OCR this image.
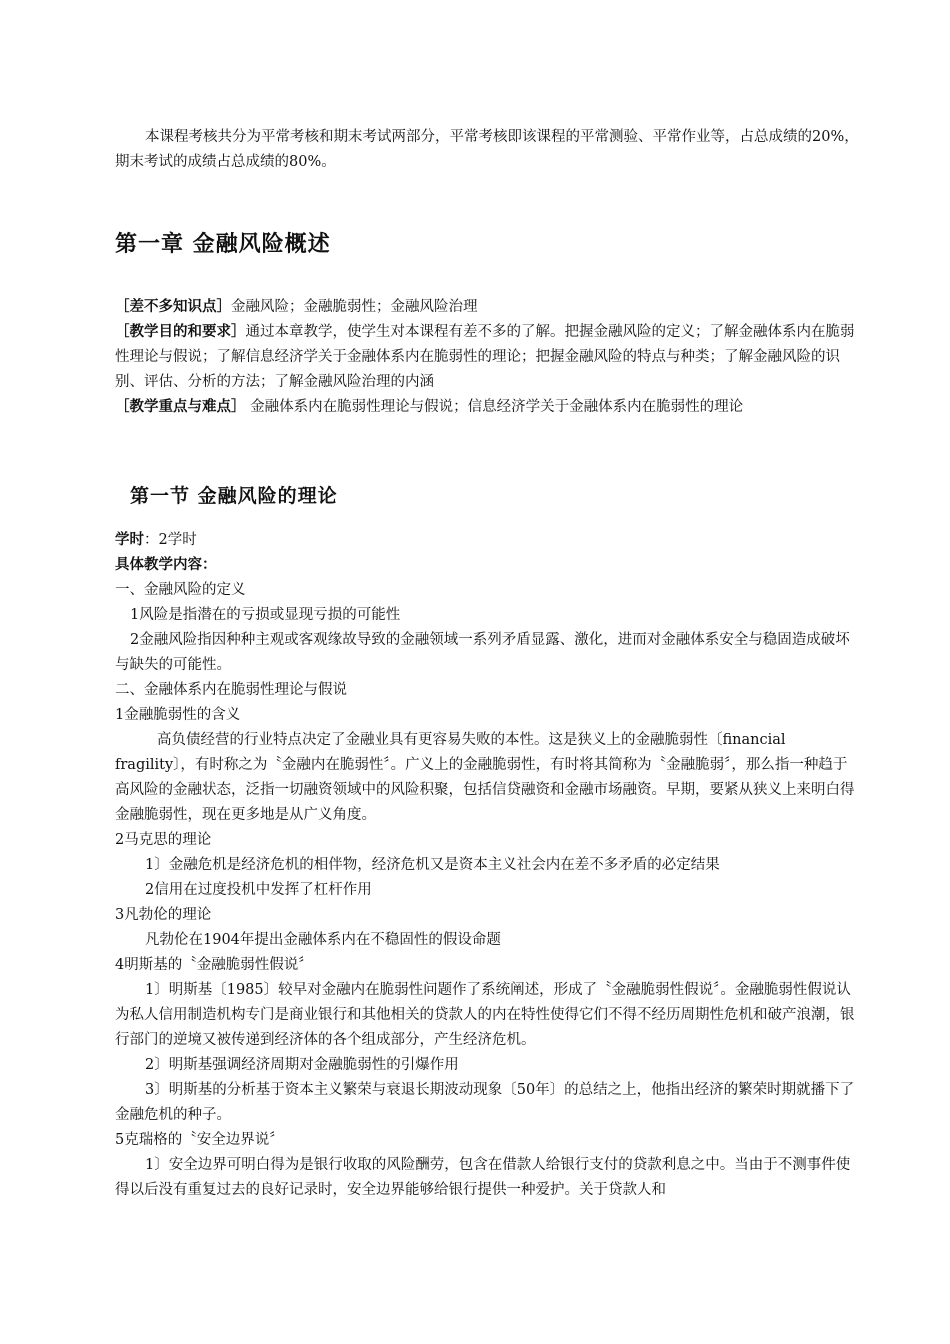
本课程考核共分为平常考核和期末考试两部分，平常考核即该课程的平常测验、平常作业等，占总成绩的20%，期末考试的成绩占总成绩的80%。

第一章 金融风险概述

［差不多知识点］金融风险；金融脆弱性；金融风险治理

［教学目的和要求］通过本章教学，使学生对本课程有差不多的了解。把握金融风险的定义；了解金融体系内在脆弱性理论与假说；了解信息经济学关于金融体系内在脆弱性的理论；把握金融风险的特点与种类；了解金融风险的识别、评估、分析的方法；了解金融风险治理的内涵

［教学重点与难点］ 金融体系内在脆弱性理论与假说；信息经济学关于金融体系内在脆弱性的理论

第一节 金融风险的理论

学时：2学时

具体教学内容：

一、金融风险的定义

1风险是指潜在的亏损或显现亏损的可能性

2金融风险指因种种主观或客观缘故导致的金融领域一系列矛盾显露、激化，进而对金融体系安全与稳固造成破坏与缺失的可能性。

二、金融体系内在脆弱性理论与假说

1金融脆弱性的含义

高负债经营的行业特点决定了金融业具有更容易失败的本性。这是狭义上的金融脆弱性〔financial fragility〕，有时称之为〝金融内在脆弱性〞。广义上的金融脆弱性，有时将其简称为〝金融脆弱〞，那么指一种趋于高风险的金融状态，泛指一切融资领域中的风险积聚，包括信贷融资和金融市场融资。早期，要紧从狭义上来明白得金融脆弱性，现在更多地是从广义角度。

2马克思的理论

1〕金融危机是经济危机的相伴物，经济危机又是资本主义社会内在差不多矛盾的必定结果

2信用在过度投机中发挥了杠杆作用

3凡勃伦的理论

凡勃伦在1904年提出金融体系内在不稳固性的假设命题

4明斯基的〝金融脆弱性假说〞

1〕明斯基〔1985〕较早对金融内在脆弱性问题作了系统阐述，形成了〝金融脆弱性假说〞。金融脆弱性假说认为私人信用制造机构专门是商业银行和其他相关的贷款人的内在特性使得它们不得不经历周期性危机和破产浪潮，银行部门的逆境又被传递到经济体的各个组成部分，产生经济危机。

2〕明斯基强调经济周期对金融脆弱性的引爆作用

3〕明斯基的分析基于资本主义繁荣与衰退长期波动现象〔50年〕的总结之上，他指出经济的繁荣时期就播下了金融危机的种子。

5克瑞格的〝安全边界说〞

1〕安全边界可明白得为是银行收取的风险酬劳，包含在借款人给银行支付的贷款利息之中。当由于不测事件使得以后没有重复过去的良好记录时，安全边界能够给银行提供一种爱护。关于贷款人和
